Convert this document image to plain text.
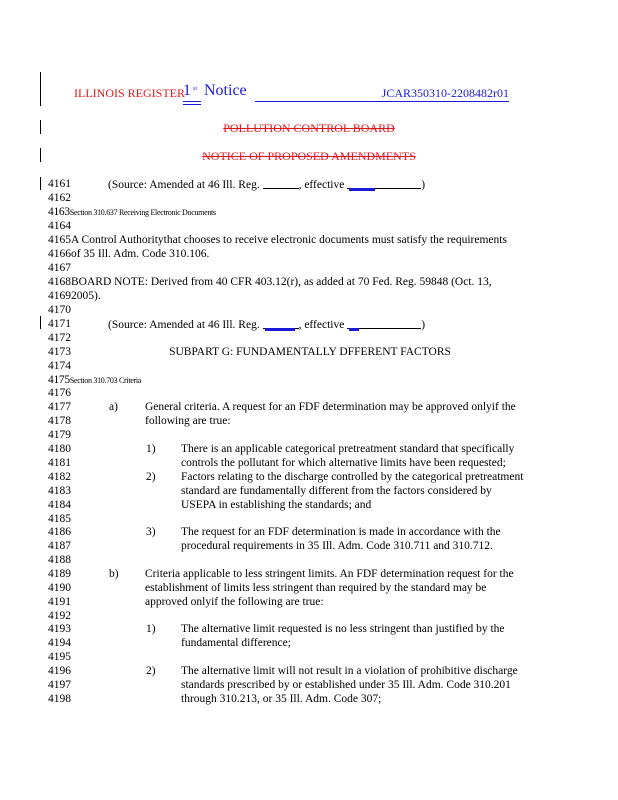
ILLINOIS REGISTER
1 st Notice	JCAR350310-2208482r01
POLLUTION CONTROL BOARD
NOTICE OF PROPOSED AMENDMENTS
4161	(Source: Amended at 46 Ill. Reg.	, effective	)
4162
4163Section 310.637 Receiving Electronic Documents
4164
4165A Control Authoritythat chooses to receive electronic documents must satisfy the requirements
4166of 35 Ill. Adm. Code 310.106.
4167
4168BOARD NOTE: Derived from 40 CFR 403.12(r), as added at 70 Fed. Reg. 59848 (Oct. 13,
41692005).
4170
4171	(Source: Amended at 46 Ill. Reg.	, effective	)
4172
4173	SUBPART G: FUNDAMENTALLY DFFERENT FACTORS
4174
4175Section 310.703 Criteria
4176
4177	a) General criteria. A request for an FDF determination may be approved onlyif the
4178	following are true:
4179
4180	1) There is an applicable categorical pretreatment standard that specifically
4181	controls the pollutant for which alternative limits have been requested;
4182	2) Factors relating to the discharge controlled by the categorical pretreatment
4183	standard are fundamentally different from the factors considered by
4184	USEPA in establishing the standards; and
4185
4186	3) The request for an FDF determination is made in accordance with the
4187	procedural requirements in 35 Ill. Adm. Code 310.711 and 310.712.
4188
4189	b) Criteria applicable to less stringent limits. An FDF determination request for the
4190	establishment of limits less stringent than required by the standard may be
4191	approved onlyif the following are true:
4192
4193	1) The alternative limit requested is no less stringent than justified by the
4194	fundamental difference;
4195
4196	2) The alternative limit will not result in a violation of prohibitive discharge
4197	standards prescribed by or established under 35 Ill. Adm. Code 310.201
4198	through 310.213, or 35 Ill. Adm. Code 307;
